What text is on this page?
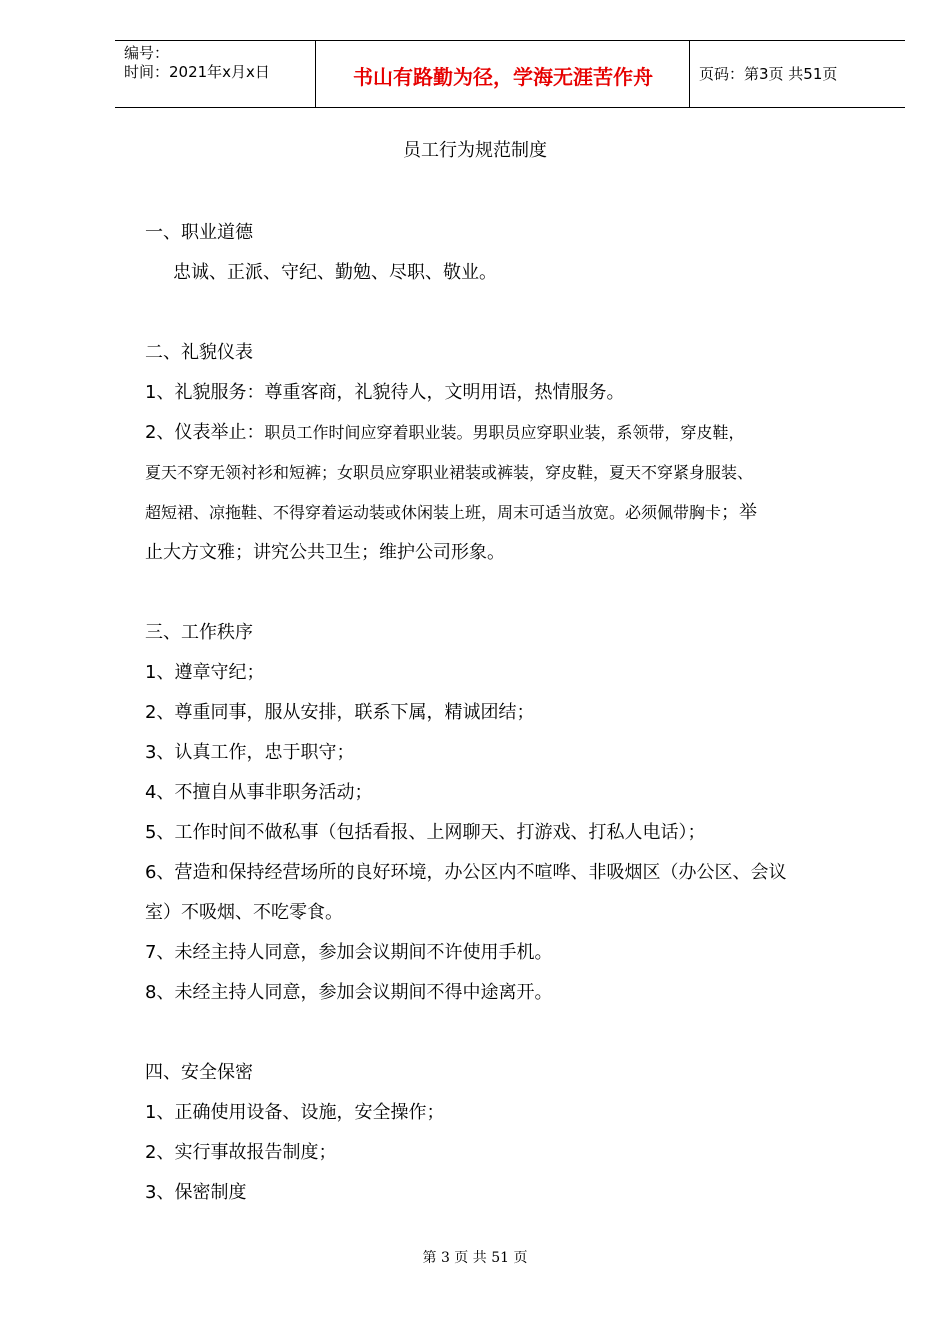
编号：
时间：2021年x月x日	书山有路勤为径，学海无涯苦作舟	页码：第3页 共51页
员工行为规范制度
一、职业道德
忠诚、正派、守纪、勤勉、尽职、敬业。
二、礼貌仪表
1、礼貌服务：尊重客商，礼貌待人，文明用语，热情服务。
2、仪表举止：职员工作时间应穿着职业装。男职员应穿职业装，系领带，穿皮鞋，
夏天不穿无领衬衫和短裤；女职员应穿职业裙装或裤装，穿皮鞋，夏天不穿紧身服装、
超短裙、凉拖鞋、不得穿着运动装或休闲装上班，周末可适当放宽。必须佩带胸卡；举
止大方文雅；讲究公共卫生；维护公司形象。
三、工作秩序
1、遵章守纪；
2、尊重同事，服从安排，联系下属，精诚团结；
3、认真工作，忠于职守；
4、不擅自从事非职务活动；
5、工作时间不做私事（包括看报、上网聊天、打游戏、打私人电话）；
6、营造和保持经营场所的良好环境，办公区内不喧哗、非吸烟区（办公区、会议
室）不吸烟、不吃零食。
7、未经主持人同意，参加会议期间不许使用手机。
8、未经主持人同意，参加会议期间不得中途离开。
四、安全保密
1、正确使用设备、设施，安全操作；
2、实行事故报告制度；
3、保密制度
第 3 页 共 51 页
